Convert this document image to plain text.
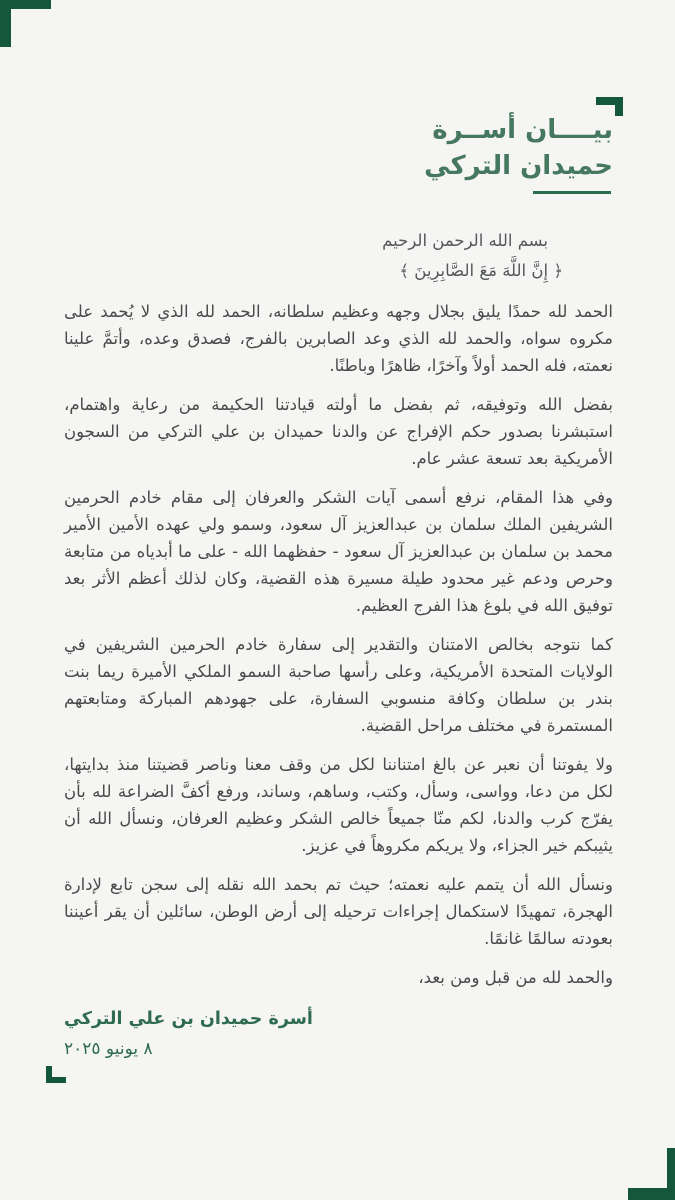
بيــــان أســرة
حميدان التركي
بسم الله الرحمن الرحيم
﴿ إِنَّ اللَّهَ مَعَ الصَّابِرِينَ ﴾

الحمد لله حمدًا يليق بجلال وجهه وعظيم سلطانه، الحمد لله الذي لا يُحمد على مكروه سواه، والحمد لله الذي وعد الصابرين بالفرج، فصدق وعده، وأتمَّ علينا نعمته، فله الحمد أولاً وآخرًا، ظاهرًا وباطنًا.

بفضل الله وتوفيقه، ثم بفضل ما أولته قيادتنا الحكيمة من رعاية واهتمام، استبشرنا بصدور حكم الإفراج عن والدنا حميدان بن علي التركي من السجون الأمريكية بعد تسعة عشر عام.

وفي هذا المقام، نرفع أسمى آيات الشكر والعرفان إلى مقام خادم الحرمين الشريفين الملك سلمان بن عبدالعزيز آل سعود، وسمو ولي عهده الأمين الأمير محمد بن سلمان بن عبدالعزيز آل سعود - حفظهما الله - على ما أبدياه من متابعة وحرص ودعم غير محدود طيلة مسيرة هذه القضية، وكان لذلك أعظم الأثر بعد توفيق الله في بلوغ هذا الفرج العظيم.

كما نتوجه بخالص الامتنان والتقدير إلى سفارة خادم الحرمين الشريفين في الولايات المتحدة الأمريكية، وعلى رأسها صاحبة السمو الملكي الأميرة ريما بنت بندر بن سلطان وكافة منسوبي السفارة، على جهودهم المباركة ومتابعتهم المستمرة في مختلف مراحل القضية.

ولا يفوتنا أن نعبر عن بالغ امتناننا لكل من وقف معنا وناصر قضيتنا منذ بدايتها، لكل من دعا، وواسى، وسأل، وكتب، وساهم، وساند، ورفع أكفَّ الضراعة لله بأن يفرّج كرب والدنا، لكم منّا جميعاً خالص الشكر وعظيم العرفان، ونسأل الله أن يثيبكم خير الجزاء، ولا يريكم مكروهاً في عزيز.

ونسأل الله أن يتمم عليه نعمته؛ حيث تم بحمد الله نقله إلى سجن تابع لإدارة الهجرة، تمهيدًا لاستكمال إجراءات ترحيله إلى أرض الوطن، سائلين أن يقر أعيننا بعودته سالمًا غانمًا.

والحمد لله من قبل ومن بعد،

أسرة حميدان بن علي التركي
٨ يونيو ٢٠٢٥
